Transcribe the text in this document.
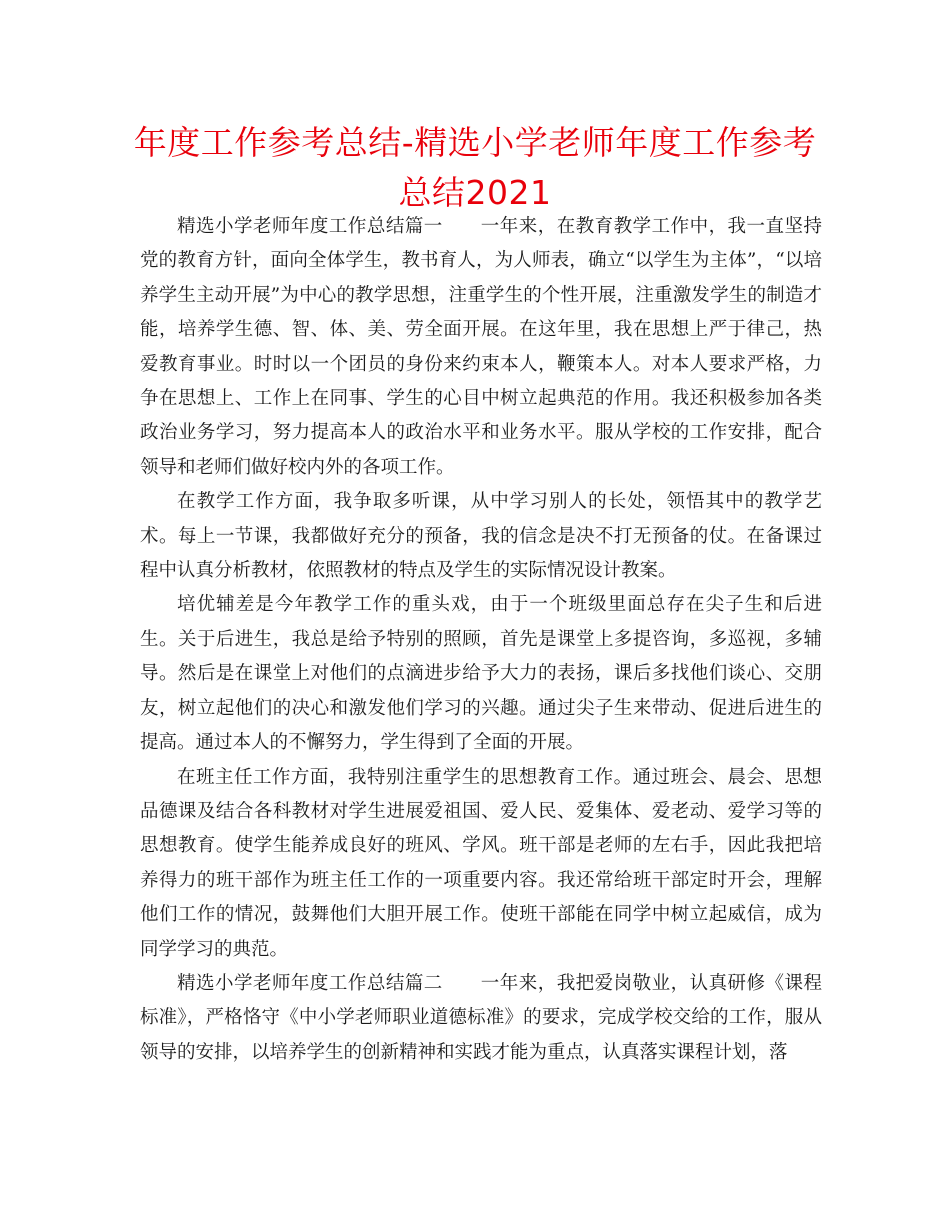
年度工作参考总结-精选小学老师年度工作参考总结2021

精选小学老师年度工作总结篇一　　一年来，在教育教学工作中，我一直坚持党的教育方针，面向全体学生，教书育人，为人师表，确立“以学生为主体”，“以培养学生主动开展”为中心的教学思想，注重学生的个性开展，注重激发学生的制造才能，培养学生德、智、体、美、劳全面开展。在这年里，我在思想上严于律己，热爱教育事业。时时以一个团员的身份来约束本人，鞭策本人。对本人要求严格，力争在思想上、工作上在同事、学生的心目中树立起典范的作用。我还积极参加各类政治业务学习，努力提高本人的政治水平和业务水平。服从学校的工作安排，配合领导和老师们做好校内外的各项工作。

在教学工作方面，我争取多听课，从中学习别人的长处，领悟其中的教学艺术。每上一节课，我都做好充分的预备，我的信念是决不打无预备的仗。在备课过程中认真分析教材，依照教材的特点及学生的实际情况设计教案。

培优辅差是今年教学工作的重头戏，由于一个班级里面总存在尖子生和后进生。关于后进生，我总是给予特别的照顾，首先是课堂上多提咨询，多巡视，多辅导。然后是在课堂上对他们的点滴进步给予大力的表扬，课后多找他们谈心、交朋友，树立起他们的决心和激发他们学习的兴趣。通过尖子生来带动、促进后进生的提高。通过本人的不懈努力，学生得到了全面的开展。

在班主任工作方面，我特别注重学生的思想教育工作。通过班会、晨会、思想品德课及结合各科教材对学生进展爱祖国、爱人民、爱集体、爱老动、爱学习等的思想教育。使学生能养成良好的班风、学风。班干部是老师的左右手，因此我把培养得力的班干部作为班主任工作的一项重要内容。我还常给班干部定时开会，理解他们工作的情况，鼓舞他们大胆开展工作。使班干部能在同学中树立起威信，成为同学学习的典范。

精选小学老师年度工作总结篇二　　一年来，我把爱岗敬业，认真研修《课程标准》，严格恪守《中小学老师职业道德标准》的要求，完成学校交给的工作，服从领导的安排，以培养学生的创新精神和实践才能为重点，认真落实课程计划，落
